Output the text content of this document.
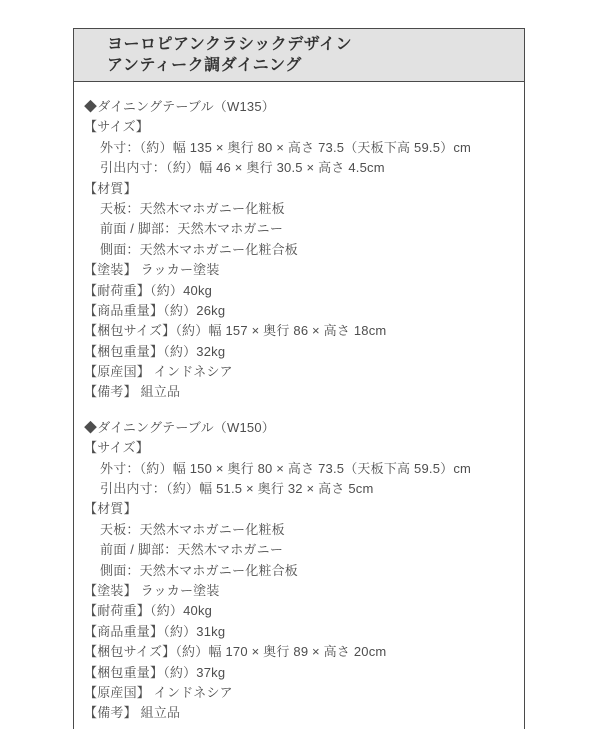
ヨーロピアンクラシックデザイン
アンティーク調ダイニング
◆ダイニングテーブル（W135）
【サイズ】
外寸：（約）幅 135 × 奥行 80 × 高さ 73.5（天板下高 59.5）cm
引出内寸：（約）幅 46 × 奥行 30.5 × 高さ 4.5cm
【材質】
天板：天然木マホガニー化粧板
前面 / 脚部：天然木マホガニー
側面：天然木マホガニー化粧合板
【塗装】 ラッカー塗装
【耐荷重】（約）40kg
【商品重量】（約）26kg
【梱包サイズ】（約）幅 157 × 奥行 86 × 高さ 18cm
【梱包重量】（約）32kg
【原産国】 インドネシア
【備考】 組立品
◆ダイニングテーブル（W150）
【サイズ】
外寸：（約）幅 150 × 奥行 80 × 高さ 73.5（天板下高 59.5）cm
引出内寸：（約）幅 51.5 × 奥行 32 × 高さ 5cm
【材質】
天板：天然木マホガニー化粧板
前面 / 脚部：天然木マホガニー
側面：天然木マホガニー化粧合板
【塗装】 ラッカー塗装
【耐荷重】（約）40kg
【商品重量】（約）31kg
【梱包サイズ】（約）幅 170 × 奥行 89 × 高さ 20cm
【梱包重量】（約）37kg
【原産国】 インドネシア
【備考】 組立品
